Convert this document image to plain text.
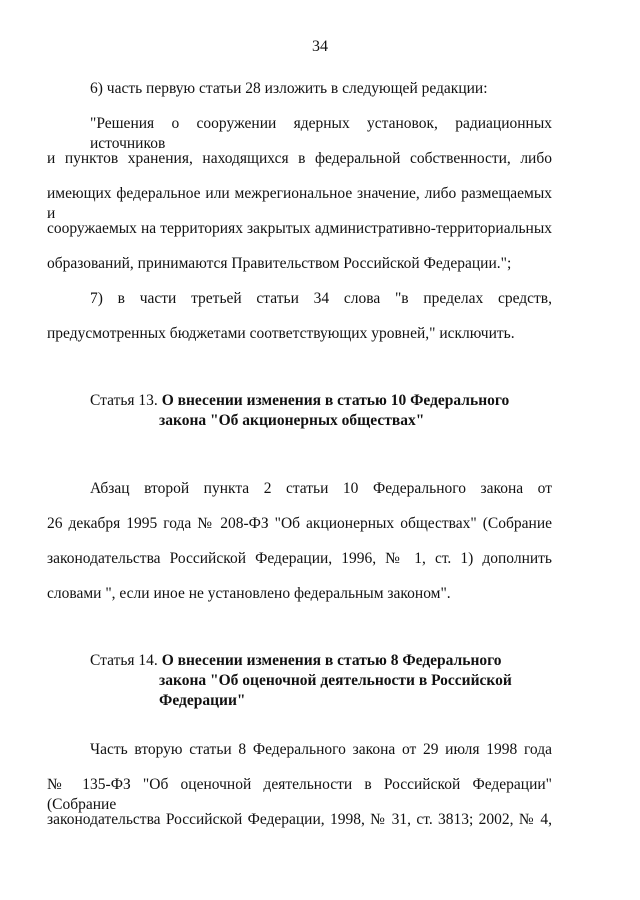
34
6) часть первую статьи 28 изложить в следующей редакции:
"Решения о сооружении ядерных установок, радиационных источников
и пунктов хранения, находящихся в федеральной собственности, либо
имеющих федеральное или межрегиональное значение, либо размещаемых и
сооружаемых на территориях закрытых административно-территориальных
образований, принимаются Правительством Российской Федерации.";
7) в части третьей статьи 34 слова "в пределах средств,
предусмотренных бюджетами соответствующих уровней," исключить.
Статья 13. О внесении изменения в статью 10 Федерального
закона "Об акционерных обществах"
Абзац второй пункта 2 статьи 10 Федерального закона от
26 декабря 1995 года № 208-ФЗ "Об акционерных обществах" (Собрание
законодательства Российской Федерации, 1996, № 1, ст. 1) дополнить
словами ", если иное не установлено федеральным законом".
Статья 14. О внесении изменения в статью 8 Федерального
закона "Об оценочной деятельности в Российской
Федерации"
Часть вторую статьи 8 Федерального закона от 29 июля 1998 года
№ 135-ФЗ "Об оценочной деятельности в Российской Федерации" (Собрание
законодательства Российской Федерации, 1998, № 31, ст. 3813; 2002, № 4,
